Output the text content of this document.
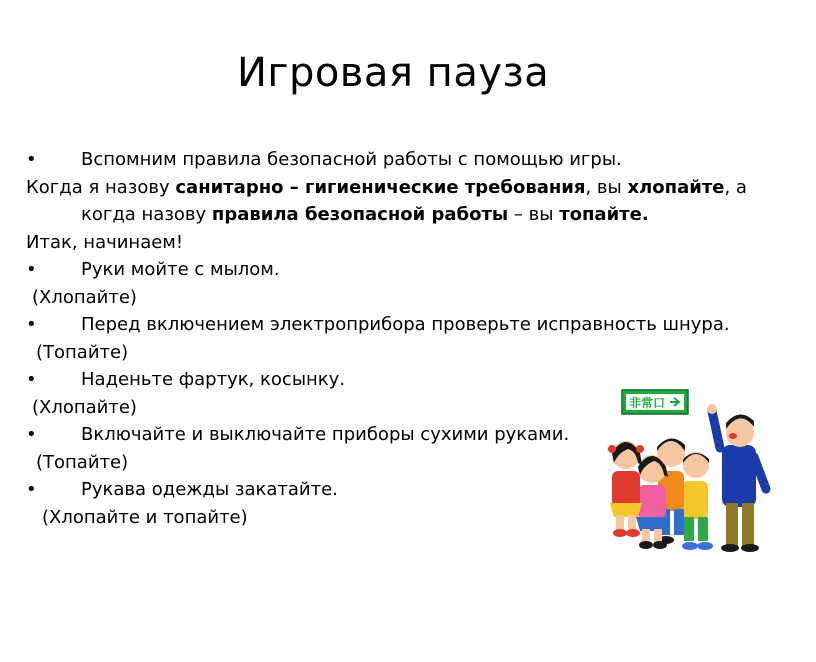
Игровая пауза
• Вспомним правила безопасной работы с помощью игры.
Когда я назову санитарно – гигиенические требования, вы хлопайте, а
когда назову правила безопасной работы – вы топайте.
Итак, начинаем!
• Руки мойте с мылом.
(Хлопайте)
• Перед включением электроприбора проверьте исправность шнура.
(Топайте)
• Наденьте фартук, косынку.
(Хлопайте)
• Включайте и выключайте приборы сухими руками.
(Топайте)
• Рукава одежды закатайте.
(Хлопайте и топайте)
非常口
